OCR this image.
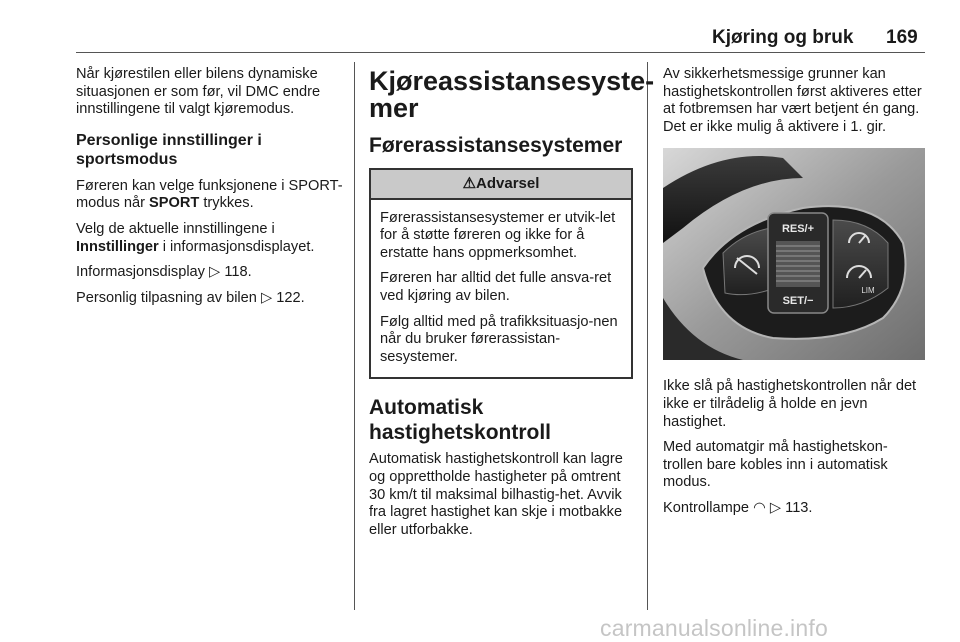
Kjøring og bruk 169

Når kjørestilen eller bilens dynamiske situasjonen er som før, vil DMC endre innstillingene til valgt kjøremodus.

Personlige innstillinger i sportsmodus

Føreren kan velge funksjonene i SPORT-modus når SPORT trykkes.

Velg de aktuelle innstillingene i Innstillinger i informasjonsdisplayet.

Informasjonsdisplay ▷ 118.

Personlig tilpasning av bilen ▷ 122.

Kjøreassistansesyste-
mer
Førerassistansesystemer
⚠Advarsel

Førerassistansesystemer er utvik-let for å støtte føreren og ikke for å erstatte hans oppmerksomhet.

Føreren har alltid det fulle ansva-ret ved kjøring av bilen.

Følg alltid med på trafikksituasjo-nen når du bruker førerassistan-sesystemer.

Automatisk hastighetskontroll

Automatisk hastighetskontroll kan lagre og opprettholde hastigheter på omtrent 30 km/t til maksimal bilhastig-het. Avvik fra lagret hastighet kan skje i motbakke eller utforbakke.

Av sikkerhetsmessige grunner kan hastighetskontrollen først aktiveres etter at fotbremsen har vært betjent én gang. Det er ikke mulig å aktivere i 1. gir.

RES/+
SET/−
LIM

Ikke slå på hastighetskontrollen når det ikke er tilrådelig å holde en jevn hastighet.

Med automatgir må hastighetskon-trollen bare kobles inn i automatisk modus.

Kontrollampe ◠ ▷ 113.

carmanualsonline.info
